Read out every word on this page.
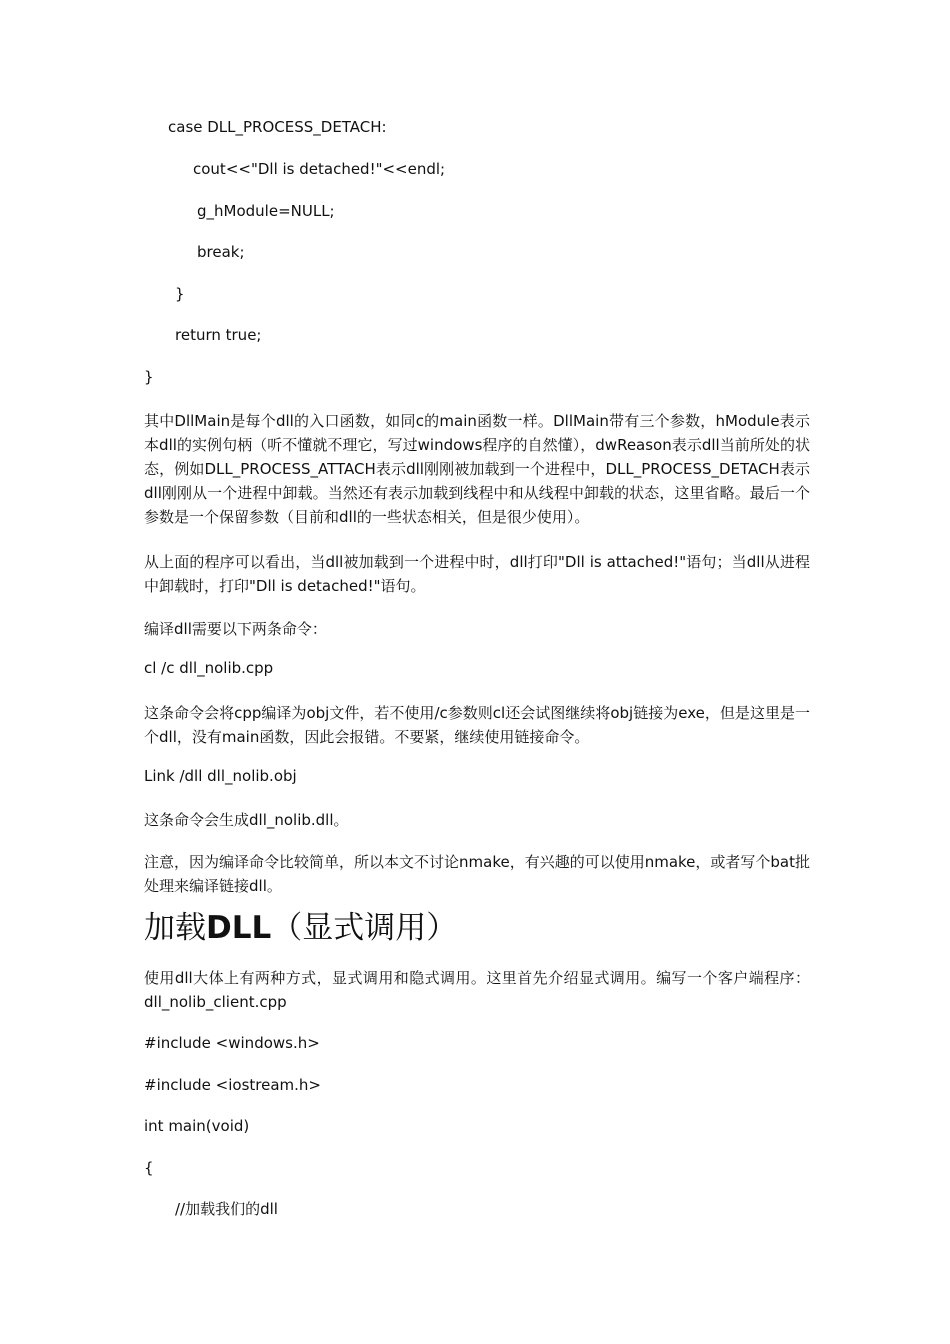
case DLL_PROCESS_DETACH:
cout<<"Dll is detached!"<<endl;
g_hModule=NULL;
break;
}
return true;
}
其中DllMain是每个dll的入口函数，如同c的main函数一样。DllMain带有三个参数，hModule表示本dll的实例句柄（听不懂就不理它，写过windows程序的自然懂），dwReason表示dll当前所处的状态，例如DLL_PROCESS_ATTACH表示dll刚刚被加载到一个进程中，DLL_PROCESS_DETACH表示dll刚刚从一个进程中卸载。当然还有表示加载到线程中和从线程中卸载的状态，这里省略。最后一个参数是一个保留参数（目前和dll的一些状态相关，但是很少使用）。
从上面的程序可以看出，当dll被加载到一个进程中时，dll打印"Dll is attached!"语句；当dll从进程中卸载时，打印"Dll is detached!"语句。
编译dll需要以下两条命令：
cl /c dll_nolib.cpp
这条命令会将cpp编译为obj文件，若不使用/c参数则cl还会试图继续将obj链接为exe，但是这里是一个dll，没有main函数，因此会报错。不要紧，继续使用链接命令。
Link /dll dll_nolib.obj
这条命令会生成dll_nolib.dll。
注意，因为编译命令比较简单，所以本文不讨论nmake，有兴趣的可以使用nmake，或者写个bat批处理来编译链接dll。
加载DLL（显式调用）
使用dll大体上有两种方式，显式调用和隐式调用。这里首先介绍显式调用。编写一个客户端程序：dll_nolib_client.cpp
#include <windows.h>
#include <iostream.h>
int main(void)
{
//加载我们的dll
